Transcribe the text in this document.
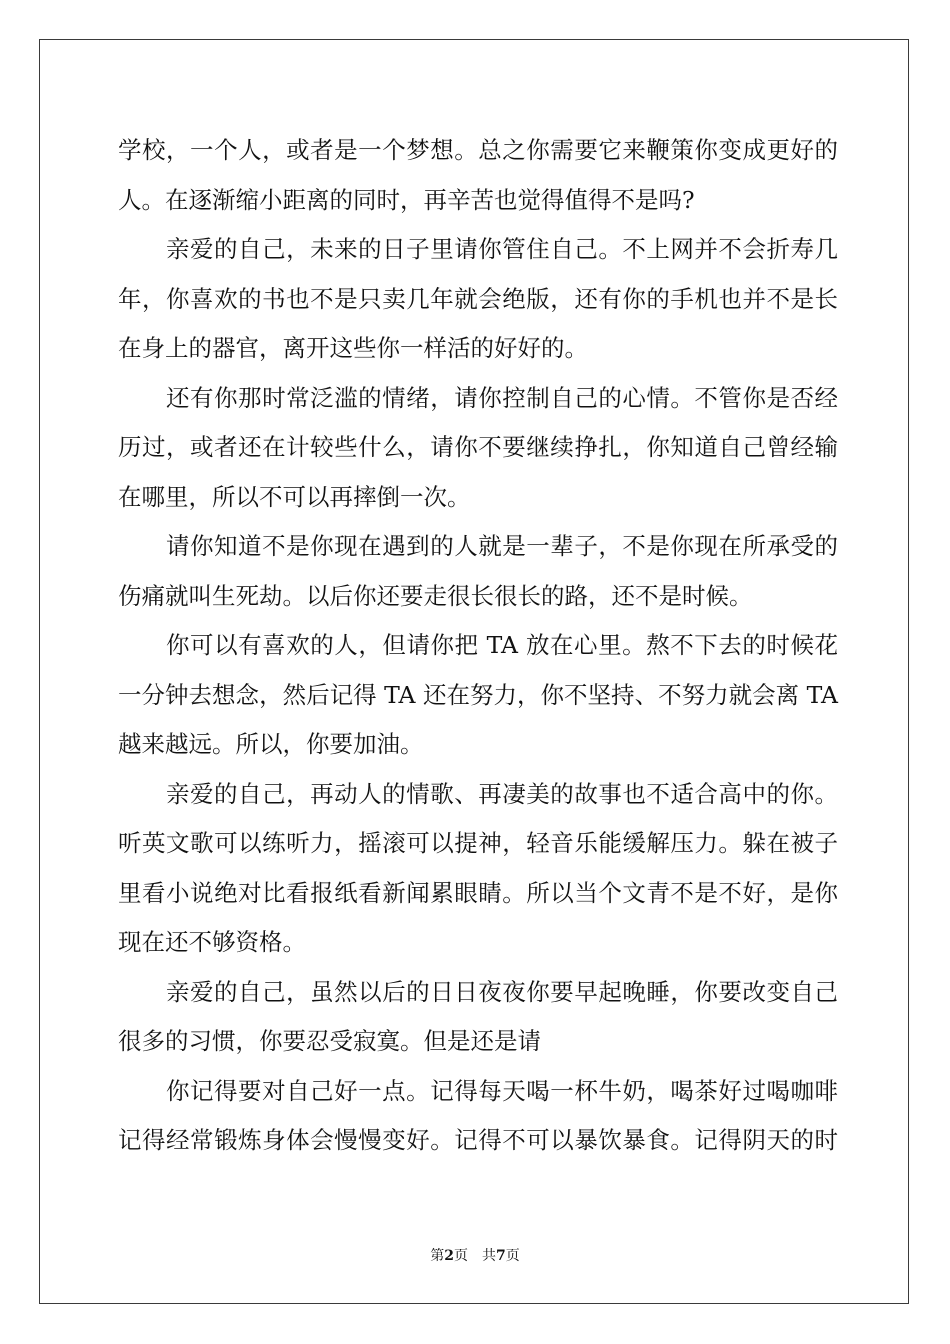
学校，一个人，或者是一个梦想。总之你需要它来鞭策你变成更好的
人。在逐渐缩小距离的同时，再辛苦也觉得值得不是吗?
亲爱的自己，未来的日子里请你管住自己。不上网并不会折寿几
年，你喜欢的书也不是只卖几年就会绝版，还有你的手机也并不是长
在身上的器官，离开这些你一样活的好好的。
还有你那时常泛滥的情绪，请你控制自己的心情。不管你是否经
历过，或者还在计较些什么，请你不要继续挣扎，你知道自己曾经输
在哪里，所以不可以再摔倒一次。
请你知道不是你现在遇到的人就是一辈子，不是你现在所承受的
伤痛就叫生死劫。以后你还要走很长很长的路，还不是时候。
你可以有喜欢的人，但请你把 TA 放在心里。熬不下去的时候花
一分钟去想念，然后记得 TA 还在努力，你不坚持、不努力就会离 TA
越来越远。所以，你要加油。
亲爱的自己，再动人的情歌、再凄美的故事也不适合高中的你。
听英文歌可以练听力，摇滚可以提神，轻音乐能缓解压力。躲在被子
里看小说绝对比看报纸看新闻累眼睛。所以当个文青不是不好，是你
现在还不够资格。
亲爱的自己，虽然以后的日日夜夜你要早起晚睡，你要改变自己
很多的习惯，你要忍受寂寞。但是还是请
你记得要对自己好一点。记得每天喝一杯牛奶，喝茶好过喝咖啡
记得经常锻炼身体会慢慢变好。记得不可以暴饮暴食。记得阴天的时
第2页 共7页
